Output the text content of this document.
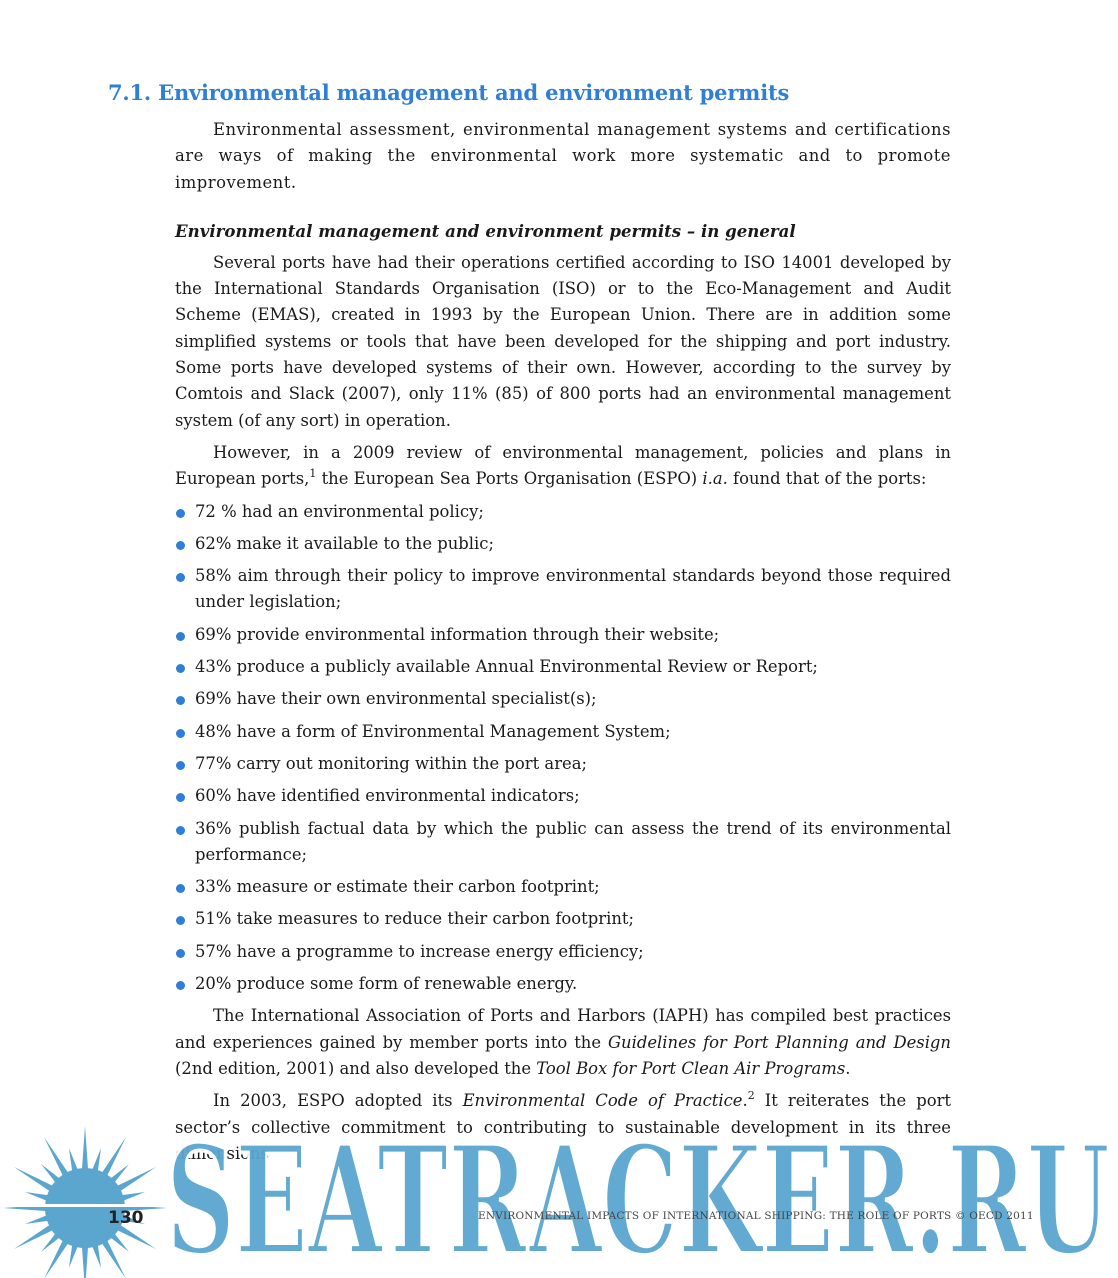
7.1. Environmental management and environment permits

Environmental assessment, environmental management systems and certifications are ways of making the environmental work more systematic and to promote improvement.

Environmental management and environment permits – in general

Several ports have had their operations certified according to ISO 14001 developed by the International Standards Organisation (ISO) or to the Eco-Management and Audit Scheme (EMAS), created in 1993 by the European Union. There are in addition some simplified systems or tools that have been developed for the shipping and port industry. Some ports have developed systems of their own. However, according to the survey by Comtois and Slack (2007), only 11% (85) of 800 ports had an environmental management system (of any sort) in operation.

However, in a 2009 review of environmental management, policies and plans in European ports,$^1$ the European Sea Ports Organisation (ESPO) i.a. found that of the ports:

72 % had an environmental policy;
62% make it available to the public;
58% aim through their policy to improve environmental standards beyond those required under legislation;
69% provide environmental information through their website;
43% produce a publicly available Annual Environmental Review or Report;
69% have their own environmental specialist(s);
48% have a form of Environmental Management System;
77% carry out monitoring within the port area;
60% have identified environmental indicators;
36% publish factual data by which the public can assess the trend of its environmental performance;
33% measure or estimate their carbon footprint;
51% take measures to reduce their carbon footprint;
57% have a programme to increase energy efficiency;
20% produce some form of renewable energy.

The International Association of Ports and Harbors (IAPH) has compiled best practices and experiences gained by member ports into the Guidelines for Port Planning and Design (2nd edition, 2001) and also developed the Tool Box for Port Clean Air Programs.

In 2003, ESPO adopted its Environmental Code of Practice.$^2$ It reiterates the port sector’s collective commitment to contributing to sustainable development in its three dimensions

SEATRACKER.RU
130	ENVIRONMENTAL IMPACTS OF INTERNATIONAL SHIPPING: THE ROLE OF PORTS © OECD 2011
